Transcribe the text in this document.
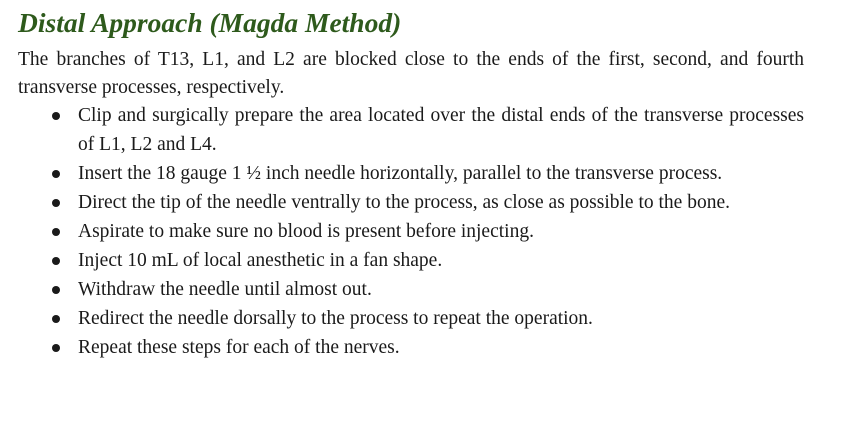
Distal Approach (Magda Method)

The branches of T13, L1, and L2 are blocked close to the ends of the first, second, and fourth transverse processes, respectively.

Clip and surgically prepare the area located over the distal ends of the transverse processes of L1, L2 and L4.
Insert the 18 gauge 1 ½ inch needle horizontally, parallel to the transverse process.
Direct the tip of the needle ventrally to the process, as close as possible to the bone.
Aspirate to make sure no blood is present before injecting.
Inject 10 mL of local anesthetic in a fan shape.
Withdraw the needle until almost out.
Redirect the needle dorsally to the process to repeat the operation.
Repeat these steps for each of the nerves.
